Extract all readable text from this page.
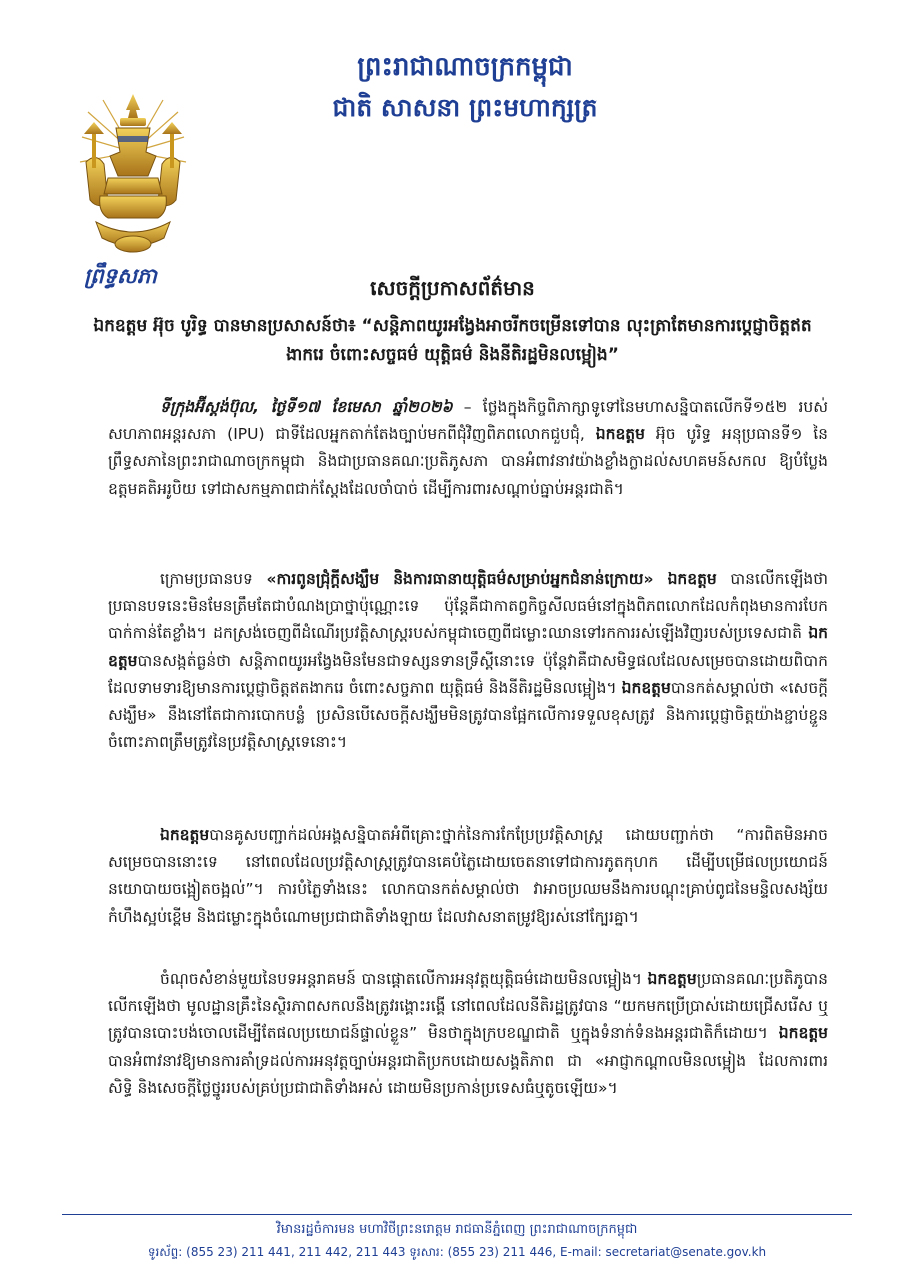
ព្រះរាជាណាចក្រកម្ពុជា
ជាតិ សាសនា ព្រះមហាក្សត្រ
ព្រឹទ្ធសភា	សេចក្តីប្រកាសព័ត៌មាន
ឯកឧត្តម អ៊ុច បូរិទ្ធ បានមានប្រសាសន៍ថា៖ “សន្តិភាពយូរអង្វែងអាចរីកចម្រើនទៅបាន លុះត្រាតែមានការប្តេជ្ញាចិត្តឥតងាករេ ចំពោះសច្ចធម៌ យុត្តិធម៌ និងនីតិរដ្ឋមិនលម្អៀង”
ទីក្រុងអ៊ីស្តង់ប៊ុល, ថ្ងៃទី១៧ ខែមេសា ឆ្នាំ២០២៦ – ថ្លែងក្នុងកិច្ចពិភាក្សាទូទៅនៃមហាសន្និបាតលើកទី១៥២ របស់សហភាពអន្តរសភា (IPU) ជាទីដែលអ្នកតាក់តែងច្បាប់មកពីជុំវិញពិភពលោកជួបជុំ, ឯកឧត្តម អ៊ុច បូរិទ្ធ អនុប្រធានទី១ នៃព្រឹទ្ធសភានៃព្រះរាជាណាចក្រកម្ពុជា និងជាប្រធានគណៈប្រតិភូសភា បានអំពាវនាវយ៉ាងខ្លាំងក្លាដល់សហគមន៍សកល ឱ្យបំប្លែងឧត្តមគតិអរូបិយ ទៅជាសកម្មភាពជាក់ស្តែងដែលចាំបាច់ ដើម្បីការពារសណ្តាប់ធ្នាប់អន្តរជាតិ។
ក្រោមប្រធានបទ «ការពូនជ្រុំក្តីសង្ឃឹម និងការធានាយុត្តិធម៌សម្រាប់អ្នកជំនាន់ក្រោយ» ឯកឧត្តម បានលើកឡើងថា ប្រធានបទនេះមិនមែនត្រឹមតែជាបំណងប្រាថ្នាប៉ុណ្ណោះទេ ប៉ុន្តែគឺជាកាតព្វកិច្ចសីលធម៌នៅក្នុងពិភពលោកដែលកំពុងមានការបែកបាក់កាន់តែខ្លាំង។ ដកស្រង់ចេញពីដំណើរប្រវត្តិសាស្ត្ររបស់កម្ពុជាចេញពីជម្លោះឈានទៅរកការរស់ឡើងវិញរបស់ប្រទេសជាតិ ឯកឧត្តមបានសង្កត់ធ្ងន់ថា សន្តិភាពយូរអង្វែងមិនមែនជាទស្សនទានទ្រឹស្តីនោះទេ ប៉ុន្តែវាគឺជាសមិទ្ធផលដែលសម្រេចបានដោយពិបាក ដែលទាមទារឱ្យមានការប្តេជ្ញាចិត្តឥតងាករេ ចំពោះសច្ចភាព យុត្តិធម៌ និងនីតិរដ្ឋមិនលម្អៀង។ ឯកឧត្តមបានកត់សម្គាល់ថា «សេចក្តីសង្ឃឹម» នឹងនៅតែជាការបោកបន្លំ ប្រសិនបើសេចក្តីសង្ឃឹមមិនត្រូវបានផ្អែកលើការទទួលខុសត្រូវ និងការប្តេជ្ញាចិត្តយ៉ាងខ្ជាប់ខ្ជួនចំពោះភាពត្រឹមត្រូវនៃប្រវត្តិសាស្ត្រទេនោះ។
ឯកឧត្តមបានគូសបញ្ជាក់ដល់អង្គសន្និបាតអំពីគ្រោះថ្នាក់នៃការកែប្រែប្រវត្តិសាស្ត្រ ដោយបញ្ជាក់ថា “ការពិតមិនអាចសម្រេចបាននោះទេ នៅពេលដែលប្រវត្តិសាស្ត្រត្រូវបានគេបំភ្លៃដោយចេតនាទៅជាការភូតកុហក ដើម្បីបម្រើផលប្រយោជន៍នយោបាយចង្អៀតចង្អល់”។ ការបំភ្លៃទាំងនេះ លោកបានកត់សម្គាល់ថា វាអាចប្រឈមនឹងការបណ្តុះគ្រាប់ពូជនៃមន្ទិលសង្ស័យ កំហឹងស្អប់ខ្ពើម និងជម្លោះក្នុងចំណោមប្រជាជាតិទាំងឡាយ ដែលវាសនាតម្រូវឱ្យរស់នៅក្បែរគ្នា។
ចំណុចសំខាន់មួយនៃបទអន្តរាគមន៍ បានផ្តោតលើការអនុវត្តយុត្តិធម៌ដោយមិនលម្អៀង។ ឯកឧត្តមប្រធានគណៈប្រតិភូបានលើកឡើងថា មូលដ្ឋានគ្រឹះនៃស្ថិរភាពសកលនឹងត្រូវរង្គោះរង្គើ នៅពេលដែលនីតិរដ្ឋត្រូវបាន “យកមកប្រើប្រាស់ដោយជ្រើសរើស ឬត្រូវបានបោះបង់ចោលដើម្បីតែផលប្រយោជន៍ផ្ទាល់ខ្លួន” មិនថាក្នុងក្របខណ្ឌជាតិ ឬក្នុងទំនាក់ទំនងអន្តរជាតិក៏ដោយ។ ឯកឧត្តមបានអំពាវនាវឱ្យមានការគាំទ្រដល់ការអនុវត្តច្បាប់អន្តរជាតិប្រកបដោយសង្គតិភាព ជា «អាជ្ញាកណ្តាលមិនលម្អៀង ដែលការពារសិទ្ធិ និងសេចក្តីថ្លៃថ្នូររបស់គ្រប់ប្រជាជាតិទាំងអស់ ដោយមិនប្រកាន់ប្រទេសធំឬតូចឡើយ»។
វិមានរដ្ឋចំការមន មហាវិថីព្រះនរោត្តម រាជធានីភ្នំពេញ ព្រះរាជាណាចក្រកម្ពុជា
ទូរស័ព្ទ: (855 23) 211 441, 211 442, 211 443 ទូរសារ: (855 23) 211 446, E-mail: secretariat@senate.gov.kh
